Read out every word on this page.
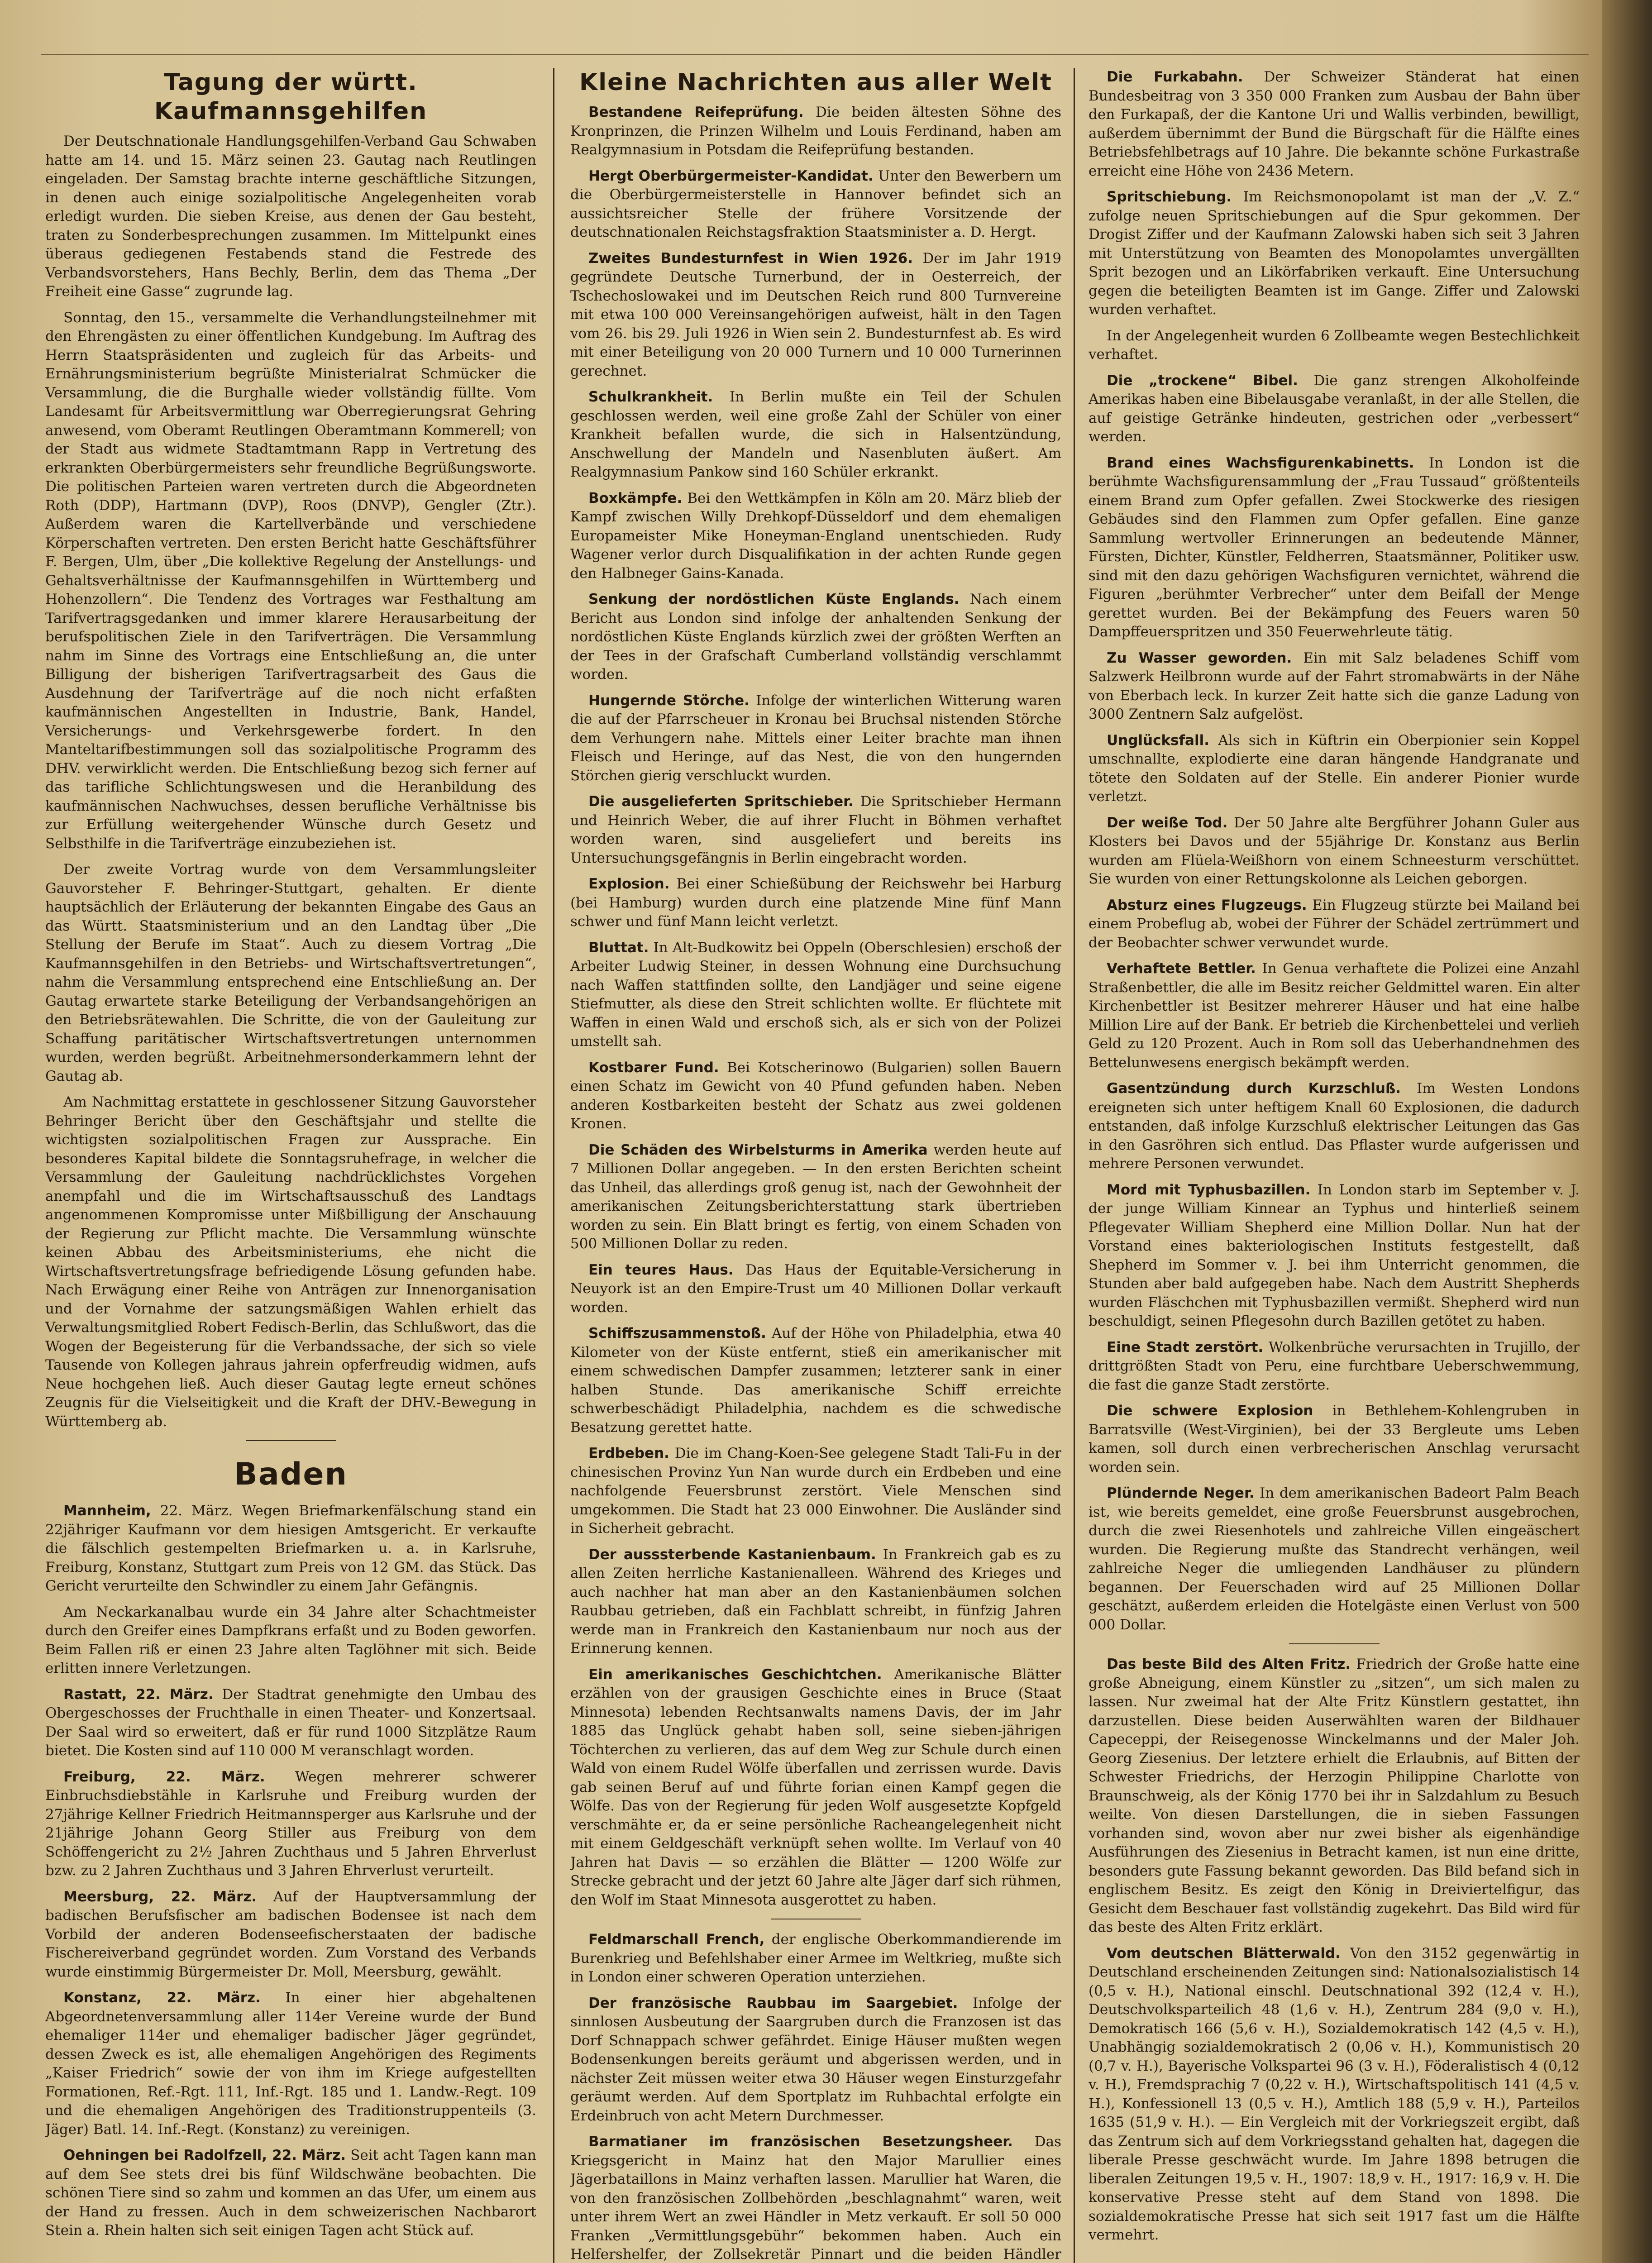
Tagung der württ. Kaufmannsgehilfen

Der Deutschnationale Handlungsgehilfen-Verband Gau Schwaben hatte am 14. und 15. März seinen 23. Gautag nach Reutlingen eingeladen. Der Samstag brachte interne geschäftliche Sitzungen, in denen auch einige sozialpolitische Angelegenheiten vorab erledigt wurden. Die sieben Kreise, aus denen der Gau besteht, traten zu Sonderbesprechungen zusammen. Im Mittelpunkt eines überaus gediegenen Festabends stand die Festrede des Verbandsvorstehers, Hans Bechly, Berlin, dem das Thema „Der Freiheit eine Gasse“ zugrunde lag.

Sonntag, den 15., versammelte die Verhandlungsteilnehmer mit den Ehrengästen zu einer öffentlichen Kundgebung. Im Auftrag des Herrn Staatspräsidenten und zugleich für das Arbeits- und Ernährungsministerium begrüßte Ministerialrat Schmücker die Versammlung, die die Burghalle wieder vollständig füllte. Vom Landesamt für Arbeitsvermittlung war Oberregierungsrat Gehring anwesend, vom Oberamt Reutlingen Oberamtmann Kommerell; von der Stadt aus widmete Stadtamtmann Rapp in Vertretung des erkrankten Oberbürgermeisters sehr freundliche Begrüßungsworte. Die politischen Parteien waren vertreten durch die Abgeordneten Roth (DDP), Hartmann (DVP), Roos (DNVP), Gengler (Ztr.). Außerdem waren die Kartellverbände und verschiedene Körperschaften vertreten. Den ersten Bericht hatte Geschäftsführer F. Bergen, Ulm, über „Die kollektive Regelung der Anstellungs- und Gehaltsverhältnisse der Kaufmannsgehilfen in Württemberg und Hohenzollern“. Die Tendenz des Vortrages war Festhaltung am Tarifvertragsgedanken und immer klarere Herausarbeitung der berufspolitischen Ziele in den Tarifverträgen. Die Versammlung nahm im Sinne des Vortrags eine Entschließung an, die unter Billigung der bisherigen Tarifvertragsarbeit des Gaus die Ausdehnung der Tarifverträge auf die noch nicht erfaßten kaufmännischen Angestellten in Industrie, Bank, Handel, Versicherungs- und Verkehrsgewerbe fordert. In den Manteltarifbestimmungen soll das sozialpolitische Programm des DHV. verwirklicht werden. Die Entschließung bezog sich ferner auf das tarifliche Schlichtungswesen und die Heranbildung des kaufmännischen Nachwuchses, dessen berufliche Verhältnisse bis zur Erfüllung weitergehender Wünsche durch Gesetz und Selbsthilfe in die Tarifverträge einzubeziehen ist.

Der zweite Vortrag wurde von dem Versammlungsleiter Gauvorsteher F. Behringer-Stuttgart, gehalten. Er diente hauptsächlich der Erläuterung der bekannten Eingabe des Gaus an das Württ. Staatsministerium und an den Landtag über „Die Stellung der Berufe im Staat“. Auch zu diesem Vortrag „Die Kaufmannsgehilfen in den Betriebs- und Wirtschaftsvertretungen“, nahm die Versammlung entsprechend eine Entschließung an. Der Gautag erwartete starke Beteiligung der Verbandsangehörigen an den Betriebsrätewahlen. Die Schritte, die von der Gauleitung zur Schaffung paritätischer Wirtschaftsvertretungen unternommen wurden, werden begrüßt. Arbeitnehmersonderkammern lehnt der Gautag ab.

Am Nachmittag erstattete in geschlossener Sitzung Gauvorsteher Behringer Bericht über den Geschäftsjahr und stellte die wichtigsten sozialpolitischen Fragen zur Aussprache. Ein besonderes Kapital bildete die Sonntagsruhefrage, in welcher die Versammlung der Gauleitung nachdrücklichstes Vorgehen anempfahl und die im Wirtschaftsausschuß des Landtags angenommenen Kompromisse unter Mißbilligung der Anschauung der Regierung zur Pflicht machte. Die Versammlung wünschte keinen Abbau des Arbeitsministeriums, ehe nicht die Wirtschaftsvertretungsfrage befriedigende Lösung gefunden habe. Nach Erwägung einer Reihe von Anträgen zur Innenorganisation und der Vornahme der satzungsmäßigen Wahlen erhielt das Verwaltungsmitglied Robert Fedisch-Berlin, das Schlußwort, das die Wogen der Begeisterung für die Verbandssache, der sich so viele Tausende von Kollegen jahraus jahrein opferfreudig widmen, aufs Neue hochgehen ließ. Auch dieser Gautag legte erneut schönes Zeugnis für die Vielseitigkeit und die Kraft der DHV.-Bewegung in Württemberg ab.

Baden

Mannheim, 22. März. Wegen Briefmarkenfälschung stand ein 22jähriger Kaufmann vor dem hiesigen Amtsgericht. Er verkaufte die fälschlich gestempelten Briefmarken u. a. in Karlsruhe, Freiburg, Konstanz, Stuttgart zum Preis von 12 GM. das Stück. Das Gericht verurteilte den Schwindler zu einem Jahr Gefängnis.

Am Neckarkanalbau wurde ein 34 Jahre alter Schachtmeister durch den Greifer eines Dampfkrans erfaßt und zu Boden geworfen. Beim Fallen riß er einen 23 Jahre alten Taglöhner mit sich. Beide erlitten innere Verletzungen.

Rastatt, 22. März. Der Stadtrat genehmigte den Umbau des Obergeschosses der Fruchthalle in einen Theater- und Konzertsaal. Der Saal wird so erweitert, daß er für rund 1000 Sitzplätze Raum bietet. Die Kosten sind auf 110 000 M veranschlagt worden.

Freiburg, 22. März. Wegen mehrerer schwerer Einbruchsdiebstähle in Karlsruhe und Freiburg wurden der 27jährige Kellner Friedrich Heitmannsperger aus Karlsruhe und der 21jährige Johann Georg Stiller aus Freiburg von dem Schöffengericht zu 2½ Jahren Zuchthaus und 5 Jahren Ehrverlust bzw. zu 2 Jahren Zuchthaus und 3 Jahren Ehrverlust verurteilt.

Meersburg, 22. März. Auf der Hauptversammlung der badischen Berufsfischer am badischen Bodensee ist nach dem Vorbild der anderen Bodenseefischerstaaten der badische Fischereiverband gegründet worden. Zum Vorstand des Verbands wurde einstimmig Bürgermeister Dr. Moll, Meersburg, gewählt.

Konstanz, 22. März. In einer hier abgehaltenen Abgeordnetenversammlung aller 114er Vereine wurde der Bund ehemaliger 114er und ehemaliger badischer Jäger gegründet, dessen Zweck es ist, alle ehemaligen Angehörigen des Regiments „Kaiser Friedrich“ sowie der von ihm im Kriege aufgestellten Formationen, Ref.-Rgt. 111, Inf.-Rgt. 185 und 1. Landw.-Regt. 109 und die ehemaligen Angehörigen des Traditionstruppenteils (3. Jäger) Batl. 14. Inf.-Regt. (Konstanz) zu vereinigen.

Oehningen bei Radolfzell, 22. März. Seit acht Tagen kann man auf dem See stets drei bis fünf Wildschwäne beobachten. Die schönen Tiere sind so zahm und kommen an das Ufer, um einem aus der Hand zu fressen. Auch in dem schweizerischen Nachbarort Stein a. Rhein halten sich seit einigen Tagen acht Stück auf.

Kleine Nachrichten aus aller Welt

Bestandene Reifeprüfung. Die beiden ältesten Söhne des Kronprinzen, die Prinzen Wilhelm und Louis Ferdinand, haben am Realgymnasium in Potsdam die Reifeprüfung bestanden.

Hergt Oberbürgermeister-Kandidat. Unter den Bewerbern um die Oberbürgermeisterstelle in Hannover befindet sich an aussichtsreicher Stelle der frühere Vorsitzende der deutschnationalen Reichstagsfraktion Staatsminister a. D. Hergt.

Zweites Bundesturnfest in Wien 1926. Der im Jahr 1919 gegründete Deutsche Turnerbund, der in Oesterreich, der Tschechoslowakei und im Deutschen Reich rund 800 Turnvereine mit etwa 100 000 Vereinsangehörigen aufweist, hält in den Tagen vom 26. bis 29. Juli 1926 in Wien sein 2. Bundesturnfest ab. Es wird mit einer Beteiligung von 20 000 Turnern und 10 000 Turnerinnen gerechnet.

Schulkrankheit. In Berlin mußte ein Teil der Schulen geschlossen werden, weil eine große Zahl der Schüler von einer Krankheit befallen wurde, die sich in Halsentzündung, Anschwellung der Mandeln und Nasenbluten äußert. Am Realgymnasium Pankow sind 160 Schüler erkrankt.

Boxkämpfe. Bei den Wettkämpfen in Köln am 20. März blieb der Kampf zwischen Willy Drehkopf-Düsseldorf und dem ehemaligen Europameister Mike Honeyman-England unentschieden. Rudy Wagener verlor durch Disqualifikation in der achten Runde gegen den Halbneger Gains-Kanada.

Senkung der nordöstlichen Küste Englands. Nach einem Bericht aus London sind infolge der anhaltenden Senkung der nordöstlichen Küste Englands kürzlich zwei der größten Werften an der Tees in der Grafschaft Cumberland vollständig verschlammt worden.

Hungernde Störche. Infolge der winterlichen Witterung waren die auf der Pfarrscheuer in Kronau bei Bruchsal nistenden Störche dem Verhungern nahe. Mittels einer Leiter brachte man ihnen Fleisch und Heringe, auf das Nest, die von den hungernden Störchen gierig verschluckt wurden.

Die ausgelieferten Spritschieber. Die Spritschieber Hermann und Heinrich Weber, die auf ihrer Flucht in Böhmen verhaftet worden waren, sind ausgeliefert und bereits ins Untersuchungsgefängnis in Berlin eingebracht worden.

Explosion. Bei einer Schießübung der Reichswehr bei Harburg (bei Hamburg) wurden durch eine platzende Mine fünf Mann schwer und fünf Mann leicht verletzt.

Bluttat. In Alt-Budkowitz bei Oppeln (Oberschlesien) erschoß der Arbeiter Ludwig Steiner, in dessen Wohnung eine Durchsuchung nach Waffen stattfinden sollte, den Landjäger und seine eigene Stiefmutter, als diese den Streit schlichten wollte. Er flüchtete mit Waffen in einen Wald und erschoß sich, als er sich von der Polizei umstellt sah.

Kostbarer Fund. Bei Kotscherinowo (Bulgarien) sollen Bauern einen Schatz im Gewicht von 40 Pfund gefunden haben. Neben anderen Kostbarkeiten besteht der Schatz aus zwei goldenen Kronen.

Die Schäden des Wirbelsturms in Amerika werden heute auf 7 Millionen Dollar angegeben. — In den ersten Berichten scheint das Unheil, das allerdings groß genug ist, nach der Gewohnheit der amerikanischen Zeitungsberichterstattung stark übertrieben worden zu sein. Ein Blatt bringt es fertig, von einem Schaden von 500 Millionen Dollar zu reden.

Ein teures Haus. Das Haus der Equitable-Versicherung in Neuyork ist an den Empire-Trust um 40 Millionen Dollar verkauft worden.

Schiffszusammenstoß. Auf der Höhe von Philadelphia, etwa 40 Kilometer von der Küste entfernt, stieß ein amerikanischer mit einem schwedischen Dampfer zusammen; letzterer sank in einer halben Stunde. Das amerikanische Schiff erreichte schwerbeschädigt Philadelphia, nachdem es die schwedische Besatzung gerettet hatte.

Erdbeben. Die im Chang-Koen-See gelegene Stadt Tali-Fu in der chinesischen Provinz Yun Nan wurde durch ein Erdbeben und eine nachfolgende Feuersbrunst zerstört. Viele Menschen sind umgekommen. Die Stadt hat 23 000 Einwohner. Die Ausländer sind in Sicherheit gebracht.

Der ausssterbende Kastanienbaum. In Frankreich gab es zu allen Zeiten herrliche Kastanienalleen. Während des Krieges und auch nachher hat man aber an den Kastanienbäumen solchen Raubbau getrieben, daß ein Fachblatt schreibt, in fünfzig Jahren werde man in Frankreich den Kastanienbaum nur noch aus der Erinnerung kennen.

Ein amerikanisches Geschichtchen. Amerikanische Blätter erzählen von der grausigen Geschichte eines in Bruce (Staat Minnesota) lebenden Rechtsanwalts namens Davis, der im Jahr 1885 das Unglück gehabt haben soll, seine sieben-jährigen Töchterchen zu verlieren, das auf dem Weg zur Schule durch einen Wald von einem Rudel Wölfe überfallen und zerrissen wurde. Davis gab seinen Beruf auf und führte forian einen Kampf gegen die Wölfe. Das von der Regierung für jeden Wolf ausgesetzte Kopfgeld verschmähte er, da er seine persönliche Racheangelegenheit nicht mit einem Geldgeschäft verknüpft sehen wollte. Im Verlauf von 40 Jahren hat Davis — so erzählen die Blätter — 1200 Wölfe zur Strecke gebracht und der jetzt 60 Jahre alte Jäger darf sich rühmen, den Wolf im Staat Minnesota ausgerottet zu haben.

Feldmarschall French, der englische Oberkommandierende im Burenkrieg und Befehlshaber einer Armee im Weltkrieg, mußte sich in London einer schweren Operation unterziehen.

Der französische Raubbau im Saargebiet. Infolge der sinnlosen Ausbeutung der Saargruben durch die Franzosen ist das Dorf Schnappach schwer gefährdet. Einige Häuser mußten wegen Bodensenkungen bereits geräumt und abgerissen werden, und in nächster Zeit müssen weiter etwa 30 Häuser wegen Einsturzgefahr geräumt werden. Auf dem Sportplatz im Ruhbachtal erfolgte ein Erdeinbruch von acht Metern Durchmesser.

Barmatianer im französischen Besetzungsheer. Das Kriegsgericht in Mainz hat den Major Marullier eines Jägerbataillons in Mainz verhaften lassen. Marullier hat Waren, die von den französischen Zollbehörden „beschlagnahmt“ waren, weit unter ihrem Wert an zwei Händler in Metz verkauft. Er soll 50 000 Franken „Vermittlungsgebühr“ bekommen haben. Auch ein Helfershelfer, der Zollsekretär Pinnart und die beiden Händler

Die Furkabahn. Der Schweizer Ständerat hat einen Bundesbeitrag von 3 350 000 Franken zum Ausbau der Bahn über den Furkapaß, der die Kantone Uri und Wallis verbinden, bewilligt, außerdem übernimmt der Bund die Bürgschaft für die Hälfte eines Betriebsfehlbetrags auf 10 Jahre. Die bekannte schöne Furkastraße erreicht eine Höhe von 2436 Metern.

Spritschiebung. Im Reichsmonopolamt ist man der „V. Z.“ zufolge neuen Spritschiebungen auf die Spur gekommen. Der Drogist Ziffer und der Kaufmann Zalowski haben sich seit 3 Jahren mit Unterstützung von Beamten des Monopolamtes unvergällten Sprit bezogen und an Likörfabriken verkauft. Eine Untersuchung gegen die beteiligten Beamten ist im Gange. Ziffer und Zalowski wurden verhaftet.

In der Angelegenheit wurden 6 Zollbeamte wegen Bestechlichkeit verhaftet.

Die „trockene“ Bibel. Die ganz strengen Alkoholfeinde Amerikas haben eine Bibelausgabe veranlaßt, in der alle Stellen, die auf geistige Getränke hindeuten, gestrichen oder „verbessert“ werden.

Brand eines Wachsfigurenkabinetts. In London ist die berühmte Wachsfigurensammlung der „Frau Tussaud“ größtenteils einem Brand zum Opfer gefallen. Zwei Stockwerke des riesigen Gebäudes sind den Flammen zum Opfer gefallen. Eine ganze Sammlung wertvoller Erinnerungen an bedeutende Männer, Fürsten, Dichter, Künstler, Feldherren, Staatsmänner, Politiker usw. sind mit den dazu gehörigen Wachsfiguren vernichtet, während die Figuren „berühmter Verbrecher“ unter dem Beifall der Menge gerettet wurden. Bei der Bekämpfung des Feuers waren 50 Dampffeuerspritzen und 350 Feuerwehrleute tätig.

Zu Wasser geworden. Ein mit Salz beladenes Schiff vom Salzwerk Heilbronn wurde auf der Fahrt stromabwärts in der Nähe von Eberbach leck. In kurzer Zeit hatte sich die ganze Ladung von 3000 Zentnern Salz aufgelöst.

Unglücksfall. Als sich in Küftrin ein Oberpionier sein Koppel umschnallte, explodierte eine daran hängende Handgranate und tötete den Soldaten auf der Stelle. Ein anderer Pionier wurde verletzt.

Der weiße Tod. Der 50 Jahre alte Bergführer Johann Guler aus Klosters bei Davos und der 55jährige Dr. Konstanz aus Berlin wurden am Flüela-Weißhorn von einem Schneesturm verschüttet. Sie wurden von einer Rettungskolonne als Leichen geborgen.

Absturz eines Flugzeugs. Ein Flugzeug stürzte bei Mailand bei einem Probeflug ab, wobei der Führer der Schädel zertrümmert und der Beobachter schwer verwundet wurde.

Verhaftete Bettler. In Genua verhaftete die Polizei eine Anzahl Straßenbettler, die alle im Besitz reicher Geldmittel waren. Ein alter Kirchenbettler ist Besitzer mehrerer Häuser und hat eine halbe Million Lire auf der Bank. Er betrieb die Kirchenbettelei und verlieh Geld zu 120 Prozent. Auch in Rom soll das Ueberhandnehmen des Bettelunwesens energisch bekämpft werden.

Gasentzündung durch Kurzschluß. Im Westen Londons ereigneten sich unter heftigem Knall 60 Explosionen, die dadurch entstanden, daß infolge Kurzschluß elektrischer Leitungen das Gas in den Gasröhren sich entlud. Das Pflaster wurde aufgerissen und mehrere Personen verwundet.

Mord mit Typhusbazillen. In London starb im September v. J. der junge William Kinnear an Typhus und hinterließ seinem Pflegevater William Shepherd eine Million Dollar. Nun hat der Vorstand eines bakteriologischen Instituts festgestellt, daß Shepherd im Sommer v. J. bei ihm Unterricht genommen, die Stunden aber bald aufgegeben habe. Nach dem Austritt Shepherds wurden Fläschchen mit Typhusbazillen vermißt. Shepherd wird nun beschuldigt, seinen Pflegesohn durch Bazillen getötet zu haben.

Eine Stadt zerstört. Wolkenbrüche verursachten in Trujillo, der drittgrößten Stadt von Peru, eine furchtbare Ueberschwemmung, die fast die ganze Stadt zerstörte.

Die schwere Explosion in Bethlehem-Kohlengruben in Barratsville (West-Virginien), bei der 33 Bergleute ums Leben kamen, soll durch einen verbrecherischen Anschlag verursacht worden sein.

Plündernde Neger. In dem amerikanischen Badeort Palm Beach ist, wie bereits gemeldet, eine große Feuersbrunst ausgebrochen, durch die zwei Riesenhotels und zahlreiche Villen eingeäschert wurden. Die Regierung mußte das Standrecht verhängen, weil zahlreiche Neger die umliegenden Landhäuser zu plündern begannen. Der Feuerschaden wird auf 25 Millionen Dollar geschätzt, außerdem erleiden die Hotelgäste einen Verlust von 500 000 Dollar.

Das beste Bild des Alten Fritz. Friedrich der Große hatte eine große Abneigung, einem Künstler zu „sitzen“, um sich malen zu lassen. Nur zweimal hat der Alte Fritz Künstlern gestattet, ihn darzustellen. Diese beiden Auserwählten waren der Bildhauer Capeceppi, der Reisegenosse Winckelmanns und der Maler Joh. Georg Ziesenius. Der letztere erhielt die Erlaubnis, auf Bitten der Schwester Friedrichs, der Herzogin Philippine Charlotte von Braunschweig, als der König 1770 bei ihr in Salzdahlum zu Besuch weilte. Von diesen Darstellungen, die in sieben Fassungen vorhanden sind, wovon aber nur zwei bisher als eigenhändige Ausführungen des Ziesenius in Betracht kamen, ist nun eine dritte, besonders gute Fassung bekannt geworden. Das Bild befand sich in englischem Besitz. Es zeigt den König in Dreiviertelfigur, das Gesicht dem Beschauer fast vollständig zugekehrt. Das Bild wird für das beste des Alten Fritz erklärt.

Vom deutschen Blätterwald. Von den 3152 gegenwärtig in Deutschland erscheinenden Zeitungen sind: Nationalsozialistisch 14 (0,5 v. H.), National einschl. Deutschnational 392 (12,4 v. H.), Deutschvolksparteilich 48 (1,6 v. H.), Zentrum 284 (9,0 v. H.), Demokratisch 166 (5,6 v. H.), Sozialdemokratisch 142 (4,5 v. H.), Unabhängig sozialdemokratisch 2 (0,06 v. H.), Kommunistisch 20 (0,7 v. H.), Bayerische Volkspartei 96 (3 v. H.), Föderalistisch 4 (0,12 v. H.), Fremdsprachig 7 (0,22 v. H.), Wirtschaftspolitisch 141 (4,5 v. H.), Konfessionell 13 (0,5 v. H.), Amtlich 188 (5,9 v. H.), Parteilos 1635 (51,9 v. H.). — Ein Vergleich mit der Vorkriegszeit ergibt, daß das Zentrum sich auf dem Vorkriegsstand gehalten hat, dagegen die liberale Presse geschwächt wurde. Im Jahre 1898 betrugen die liberalen Zeitungen 19,5 v. H., 1907: 18,9 v. H., 1917: 16,9 v. H. Die konservative Presse steht auf dem Stand von 1898. Die sozialdemokratische Presse hat sich seit 1917 fast um die Hälfte vermehrt.
